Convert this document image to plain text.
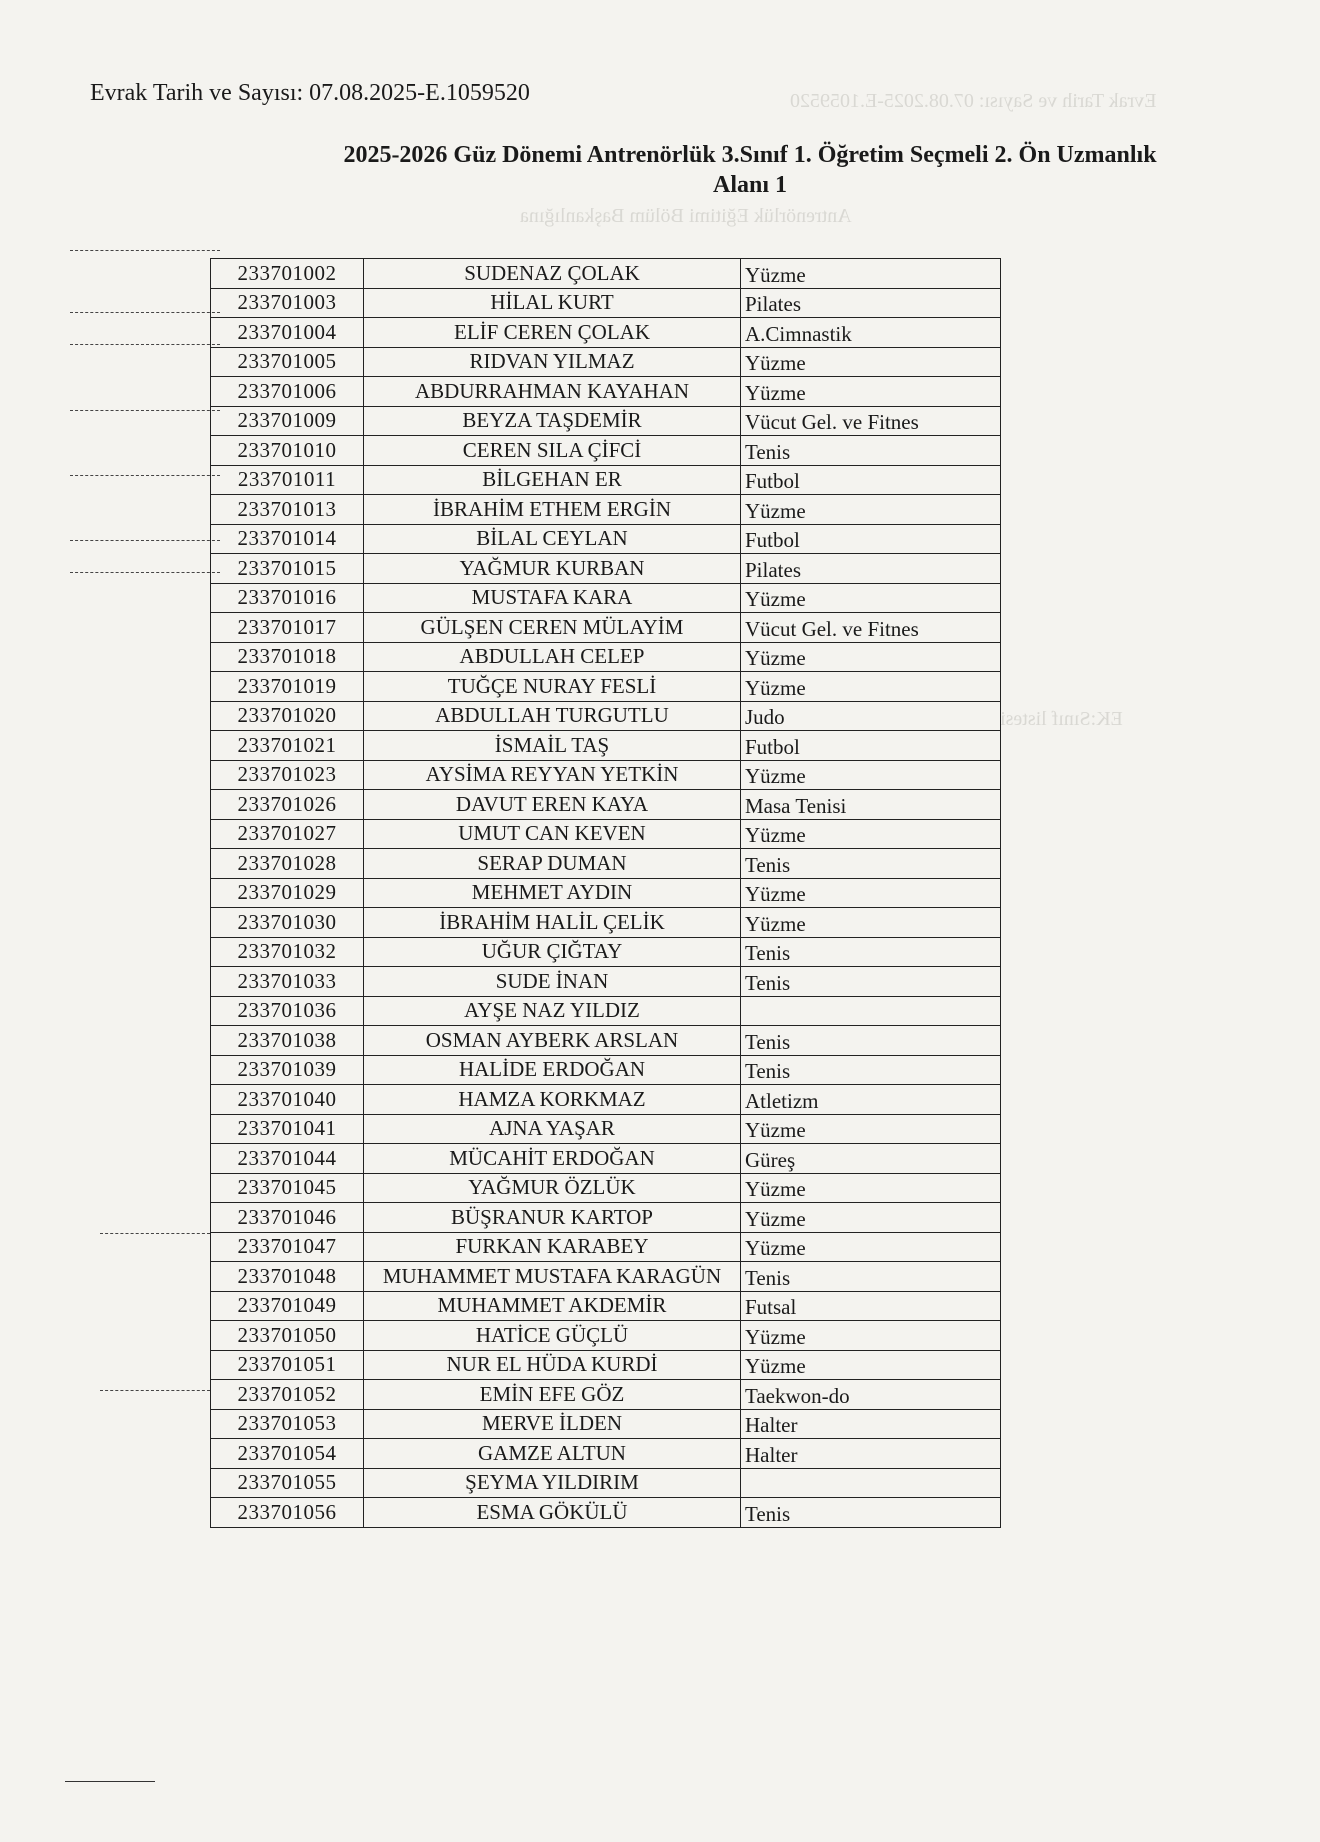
Evrak Tarih ve Sayısı: 07.08.2025-E.1059520
Antrenörlük Eğitimi Bölüm Başkanlığına
EK:Sınıf listesi
Evrak Tarih ve Sayısı: 07.08.2025-E.1059520
2025-2026 Güz Dönemi Antrenörlük 3.Sınıf 1. Öğretim Seçmeli 2. Ön Uzmanlık
Alanı 1
233701002	SUDENAZ ÇOLAK	Yüzme
233701003	HİLAL KURT	Pilates
233701004	ELİF CEREN ÇOLAK	A.Cimnastik
233701005	RIDVAN YILMAZ	Yüzme
233701006	ABDURRAHMAN KAYAHAN	Yüzme
233701009	BEYZA TAŞDEMİR	Vücut Gel. ve Fitnes
233701010	CEREN SILA ÇİFCİ	Tenis
233701011	BİLGEHAN ER	Futbol
233701013	İBRAHİM ETHEM ERGİN	Yüzme
233701014	BİLAL CEYLAN	Futbol
233701015	YAĞMUR KURBAN	Pilates
233701016	MUSTAFA KARA	Yüzme
233701017	GÜLŞEN CEREN MÜLAYİM	Vücut Gel. ve Fitnes
233701018	ABDULLAH CELEP	Yüzme
233701019	TUĞÇE NURAY FESLİ	Yüzme
233701020	ABDULLAH TURGUTLU	Judo
233701021	İSMAİL TAŞ	Futbol
233701023	AYSİMA REYYAN YETKİN	Yüzme
233701026	DAVUT EREN KAYA	Masa Tenisi
233701027	UMUT CAN KEVEN	Yüzme
233701028	SERAP DUMAN	Tenis
233701029	MEHMET AYDIN	Yüzme
233701030	İBRAHİM HALİL ÇELİK	Yüzme
233701032	UĞUR ÇIĞTAY	Tenis
233701033	SUDE İNAN	Tenis
233701036	AYŞE NAZ YILDIZ	
233701038	OSMAN AYBERK ARSLAN	Tenis
233701039	HALİDE ERDOĞAN	Tenis
233701040	HAMZA KORKMAZ	Atletizm
233701041	AJNA YAŞAR	Yüzme
233701044	MÜCAHİT ERDOĞAN	Güreş
233701045	YAĞMUR ÖZLÜK	Yüzme
233701046	BÜŞRANUR KARTOP	Yüzme
233701047	FURKAN KARABEY	Yüzme
233701048	MUHAMMET MUSTAFA KARAGÜN	Tenis
233701049	MUHAMMET AKDEMİR	Futsal
233701050	HATİCE GÜÇLÜ	Yüzme
233701051	NUR EL HÜDA KURDİ	Yüzme
233701052	EMİN EFE GÖZ	Taekwon-do
233701053	MERVE İLDEN	Halter
233701054	GAMZE ALTUN	Halter
233701055	ŞEYMA YILDIRIM	
233701056	ESMA GÖKÜLÜ	Tenis
